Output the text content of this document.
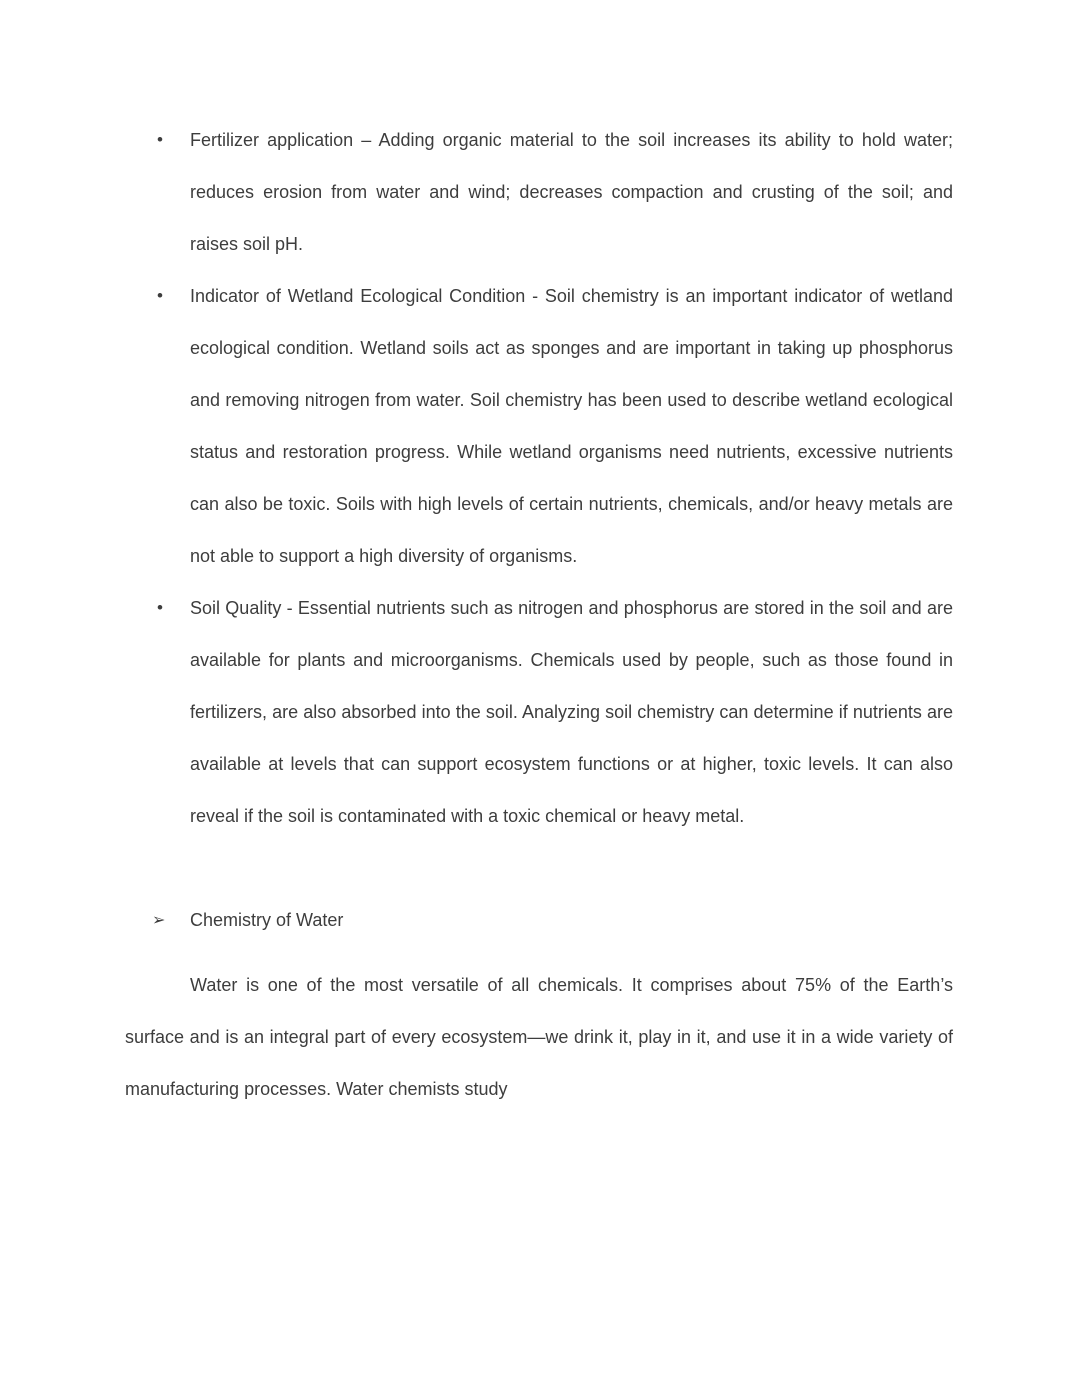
• Fertilizer application – Adding organic material to the soil increases its ability to hold water; reduces erosion from water and wind; decreases compaction and crusting of the soil; and raises soil pH.
• Indicator of Wetland Ecological Condition - Soil chemistry is an important indicator of wetland ecological condition. Wetland soils act as sponges and are important in taking up phosphorus and removing nitrogen from water. Soil chemistry has been used to describe wetland ecological status and restoration progress. While wetland organisms need nutrients, excessive nutrients can also be toxic. Soils with high levels of certain nutrients, chemicals, and/or heavy metals are not able to support a high diversity of organisms.
• Soil Quality - Essential nutrients such as nitrogen and phosphorus are stored in the soil and are available for plants and microorganisms. Chemicals used by people, such as those found in fertilizers, are also absorbed into the soil. Analyzing soil chemistry can determine if nutrients are available at levels that can support ecosystem functions or at higher, toxic levels. It can also reveal if the soil is contaminated with a toxic chemical or heavy metal.
➢ Chemistry of Water

Water is one of the most versatile of all chemicals. It comprises about 75% of the Earth’s surface and is an integral part of every ecosystem—we drink it, play in it, and use it in a wide variety of manufacturing processes. Water chemists study
